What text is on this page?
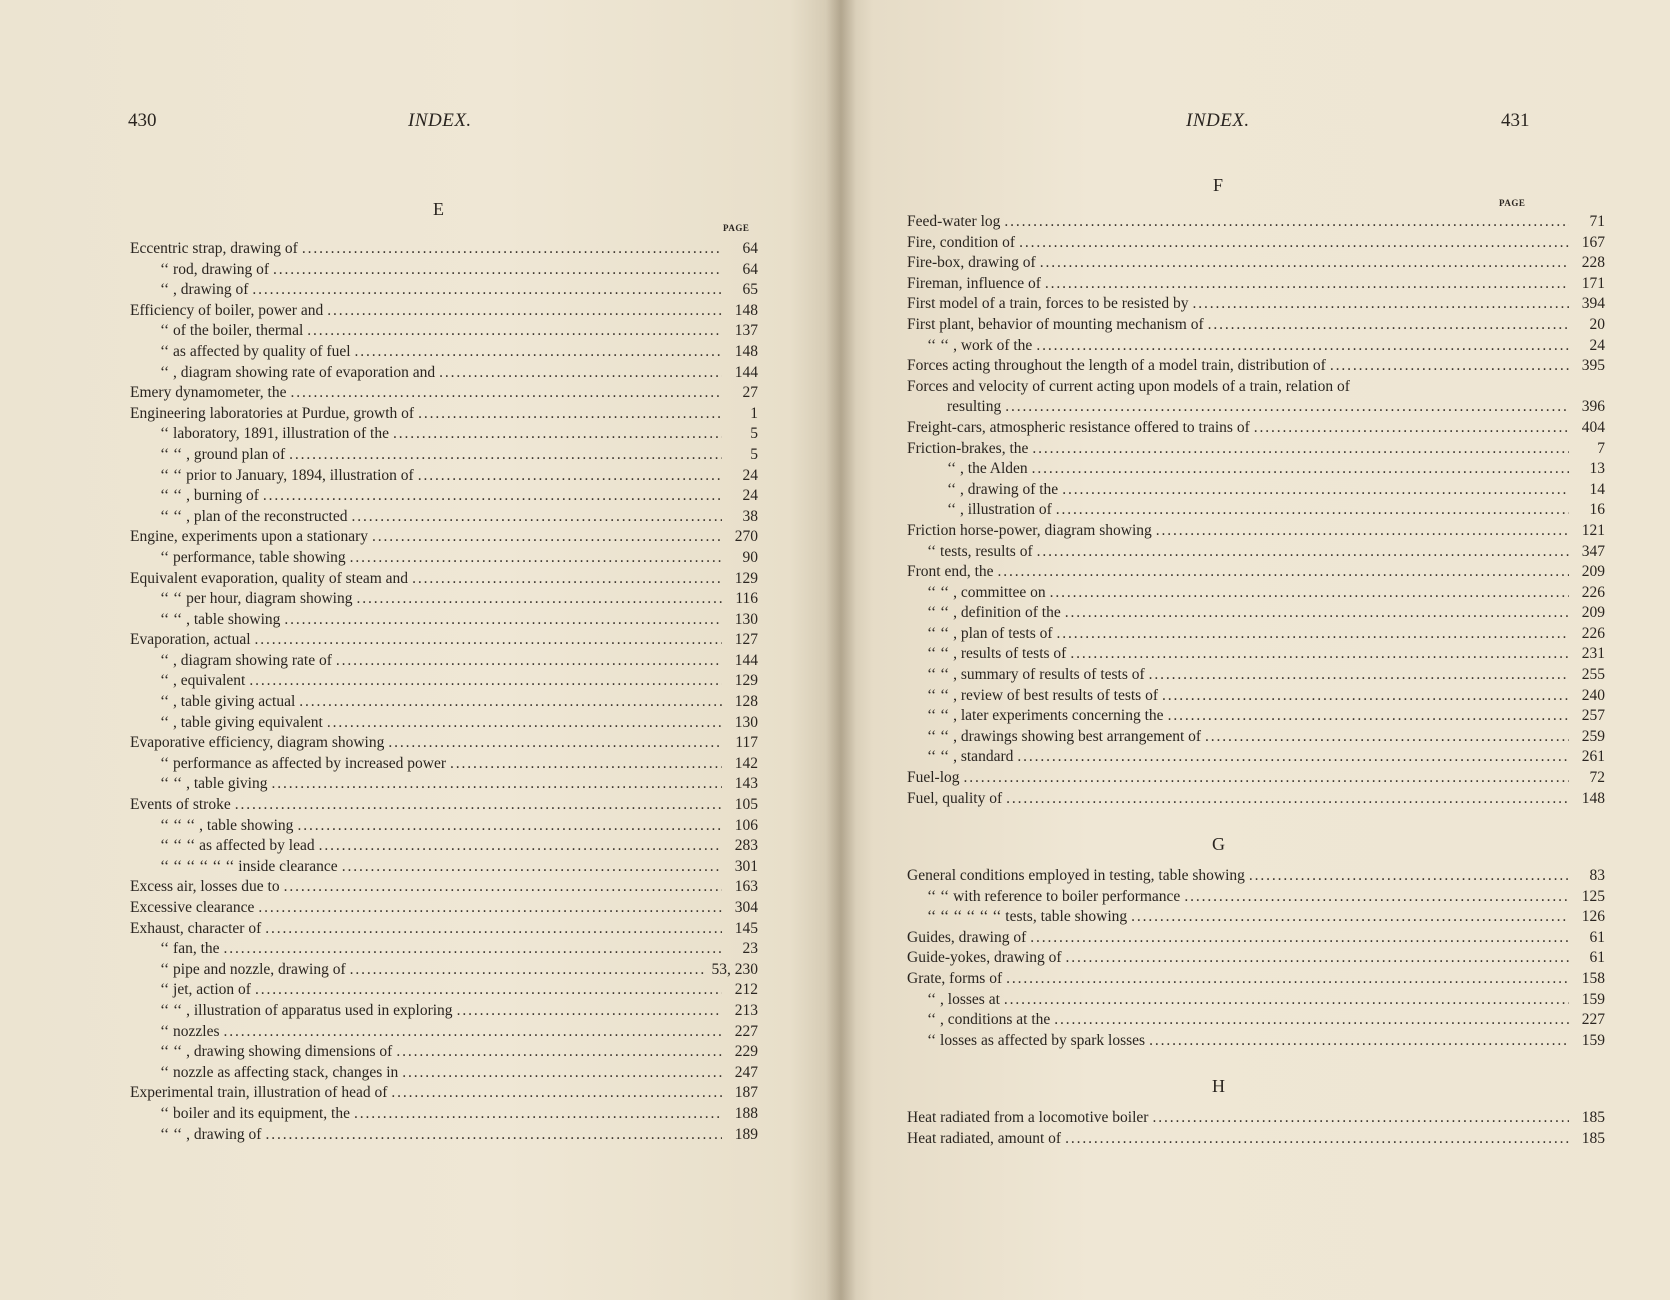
430	INDEX.
E
PAGE
Eccentric strap, drawing of . . .	64
‘‘ rod, drawing of . . .	64
‘‘ , drawing of . . .	65
Efficiency of boiler, power and . . .	148
‘‘ of the boiler, thermal . . .	137
‘‘ as affected by quality of fuel . . .	148
‘‘ , diagram showing rate of evaporation and . . .	144
Emery dynamometer, the . . .	27
Engineering laboratories at Purdue, growth of . . .	1
‘‘ laboratory, 1891, illustration of the . . .	5
‘‘ ‘‘ , ground plan of . . .	5
‘‘ ‘‘ prior to January, 1894, illustration of . . .	24
‘‘ ‘‘ , burning of . . .	24
‘‘ ‘‘ , plan of the reconstructed . . .	38
Engine, experiments upon a stationary . . .	270
‘‘ performance, table showing . . .	90
Equivalent evaporation, quality of steam and . . .	129
‘‘ ‘‘ per hour, diagram showing . . .	116
‘‘ ‘‘ , table showing . . .	130
Evaporation, actual . . .	127
‘‘ , diagram showing rate of . . .	144
‘‘ , equivalent . . .	129
‘‘ , table giving actual . . .	128
‘‘ , table giving equivalent . . .	130
Evaporative efficiency, diagram showing . . .	117
‘‘ performance as affected by increased power . . .	142
‘‘ ‘‘ , table giving . . .	143
Events of stroke . . .	105
‘‘ ‘‘ ‘‘ , table showing . . .	106
‘‘ ‘‘ ‘‘ as affected by lead . . .	283
‘‘ ‘‘ ‘‘ ‘‘ ‘‘ ‘‘ inside clearance . . .	301
Excess air, losses due to . . .	163
Excessive clearance . . .	304
Exhaust, character of . . .	145
‘‘ fan, the . . .	23
‘‘ pipe and nozzle, drawing of . . .	53, 230
‘‘ jet, action of . . .	212
‘‘ ‘‘ , illustration of apparatus used in exploring . . .	213
‘‘ nozzles . . .	227
‘‘ ‘‘ , drawing showing dimensions of . . .	229
‘‘ nozzle as affecting stack, changes in . . .	247
Experimental train, illustration of head of . . .	187
‘‘ boiler and its equipment, the . . .	188
‘‘ ‘‘ , drawing of . . .	189
INDEX.	431
F
PAGE
Feed-water log . . .	71
Fire, condition of . . .	167
Fire-box, drawing of . . .	228
Fireman, influence of . . .	171
First model of a train, forces to be resisted by . . .	394
First plant, behavior of mounting mechanism of . . .	20
‘‘ ‘‘ , work of the . . .	24
Forces acting throughout the length of a model train, distribution of . . .	395
Forces and velocity of current acting upon models of a train, relation of
resulting . . .	396
Freight-cars, atmospheric resistance offered to trains of . . .	404
Friction-brakes, the . . .	7
‘‘ , the Alden . . .	13
‘‘ , drawing of the . . .	14
‘‘ , illustration of . . .	16
Friction horse-power, diagram showing . . .	121
‘‘ tests, results of . . .	347
Front end, the . . .	209
‘‘ ‘‘ , committee on . . .	226
‘‘ ‘‘ , definition of the . . .	209
‘‘ ‘‘ , plan of tests of . . .	226
‘‘ ‘‘ , results of tests of . . .	231
‘‘ ‘‘ , summary of results of tests of . . .	255
‘‘ ‘‘ , review of best results of tests of . . .	240
‘‘ ‘‘ , later experiments concerning the . . .	257
‘‘ ‘‘ , drawings showing best arrangement of . . .	259
‘‘ ‘‘ , standard . . .	261
Fuel-log . . .	72
Fuel, quality of . . .	148
G
General conditions employed in testing, table showing . . .	83
‘‘ ‘‘ with reference to boiler performance . . .	125
‘‘ ‘‘ ‘‘ ‘‘ ‘‘ ‘‘ tests, table showing . . .	126
Guides, drawing of . . .	61
Guide-yokes, drawing of . . .	61
Grate, forms of . . .	158
‘‘ , losses at . . .	159
‘‘ , conditions at the . . .	227
‘‘ losses as affected by spark losses . . .	159
H
Heat radiated from a locomotive boiler . . .	185
Heat radiated, amount of . . .	185
